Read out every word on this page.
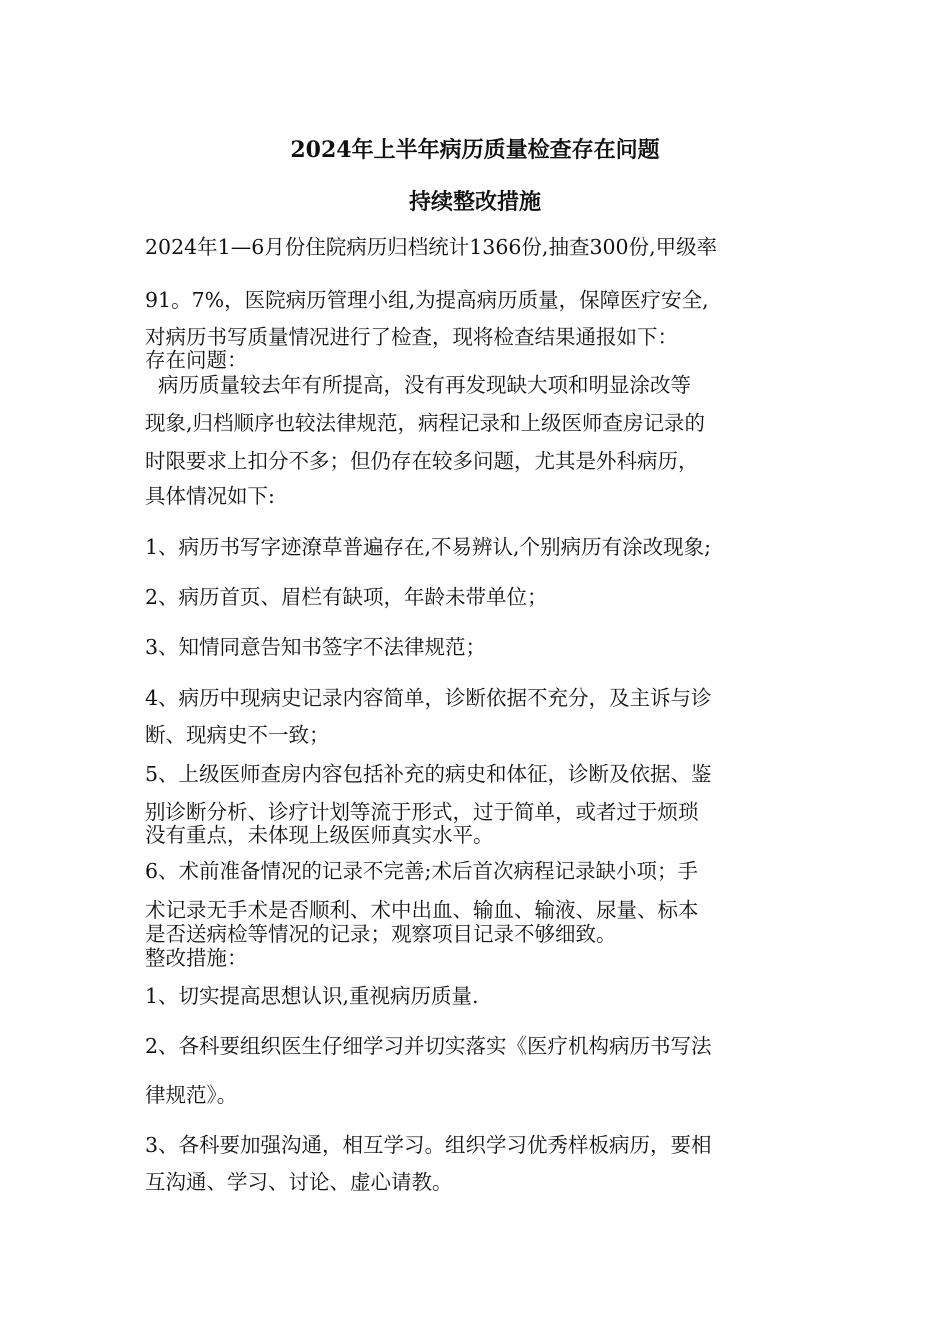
2024年上半年病历质量检查存在问题
持续整改措施

2024年1—6月份住院病历归档统计1366份,抽查300份,甲级率

91。7%，医院病历管理小组,为提高病历质量，保障医疗安全,

对病历书写质量情况进行了检查，现将检查结果通报如下：

存在问题：

病历质量较去年有所提高，没有再发现缺大项和明显涂改等

现象,归档顺序也较法律规范，病程记录和上级医师查房记录的

时限要求上扣分不多；但仍存在较多问题，尤其是外科病历，

具体情况如下:

1、病历书写字迹潦草普遍存在,不易辨认,个别病历有涂改现象;

2、病历首页、眉栏有缺项，年龄未带单位；

3、知情同意告知书签字不法律规范；

4、病历中现病史记录内容简单，诊断依据不充分，及主诉与诊

断、现病史不一致；

5、上级医师查房内容包括补充的病史和体征，诊断及依据、鉴

别诊断分析、诊疗计划等流于形式，过于简单，或者过于烦琐

没有重点，未体现上级医师真实水平。

6、术前准备情况的记录不完善;术后首次病程记录缺小项；手

术记录无手术是否顺利、术中出血、输血、输液、尿量、标本

是否送病检等情况的记录；观察项目记录不够细致。

整改措施：

1、切实提高思想认识,重视病历质量.

2、各科要组织医生仔细学习并切实落实《医疗机构病历书写法

律规范》。

3、各科要加强沟通，相互学习。组织学习优秀样板病历，要相

互沟通、学习、讨论、虚心请教。
